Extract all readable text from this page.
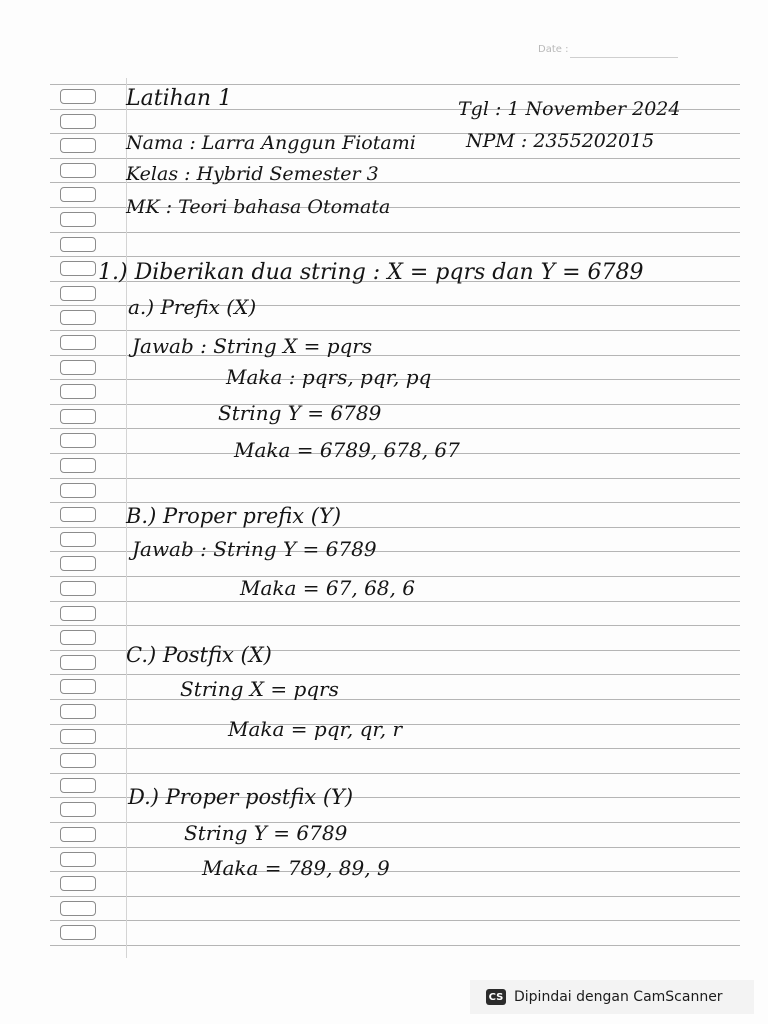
Date :

Latihan 1	Tgl : 1 November 2024

Nama : Larra Anggun Fiotami	NPM : 2355202015

Kelas : Hybrid Semester 3

MK : Teori bahasa Otomata

1.) Diberikan dua string : X = pqrs dan Y = 6789

a.) Prefix (X)

Jawab : String X = pqrs

Maka : pqrs, pqr, pq

String Y = 6789

Maka = 6789, 678, 67

B.) Proper prefix (Y)

Jawab : String Y = 6789

Maka = 67, 68, 6

C.) Postfix (X)

String X = pqrs

Maka = pqr, qr, r

D.) Proper postfix (Y)

String Y = 6789

Maka = 789, 89, 9

CS Dipindai dengan CamScanner
